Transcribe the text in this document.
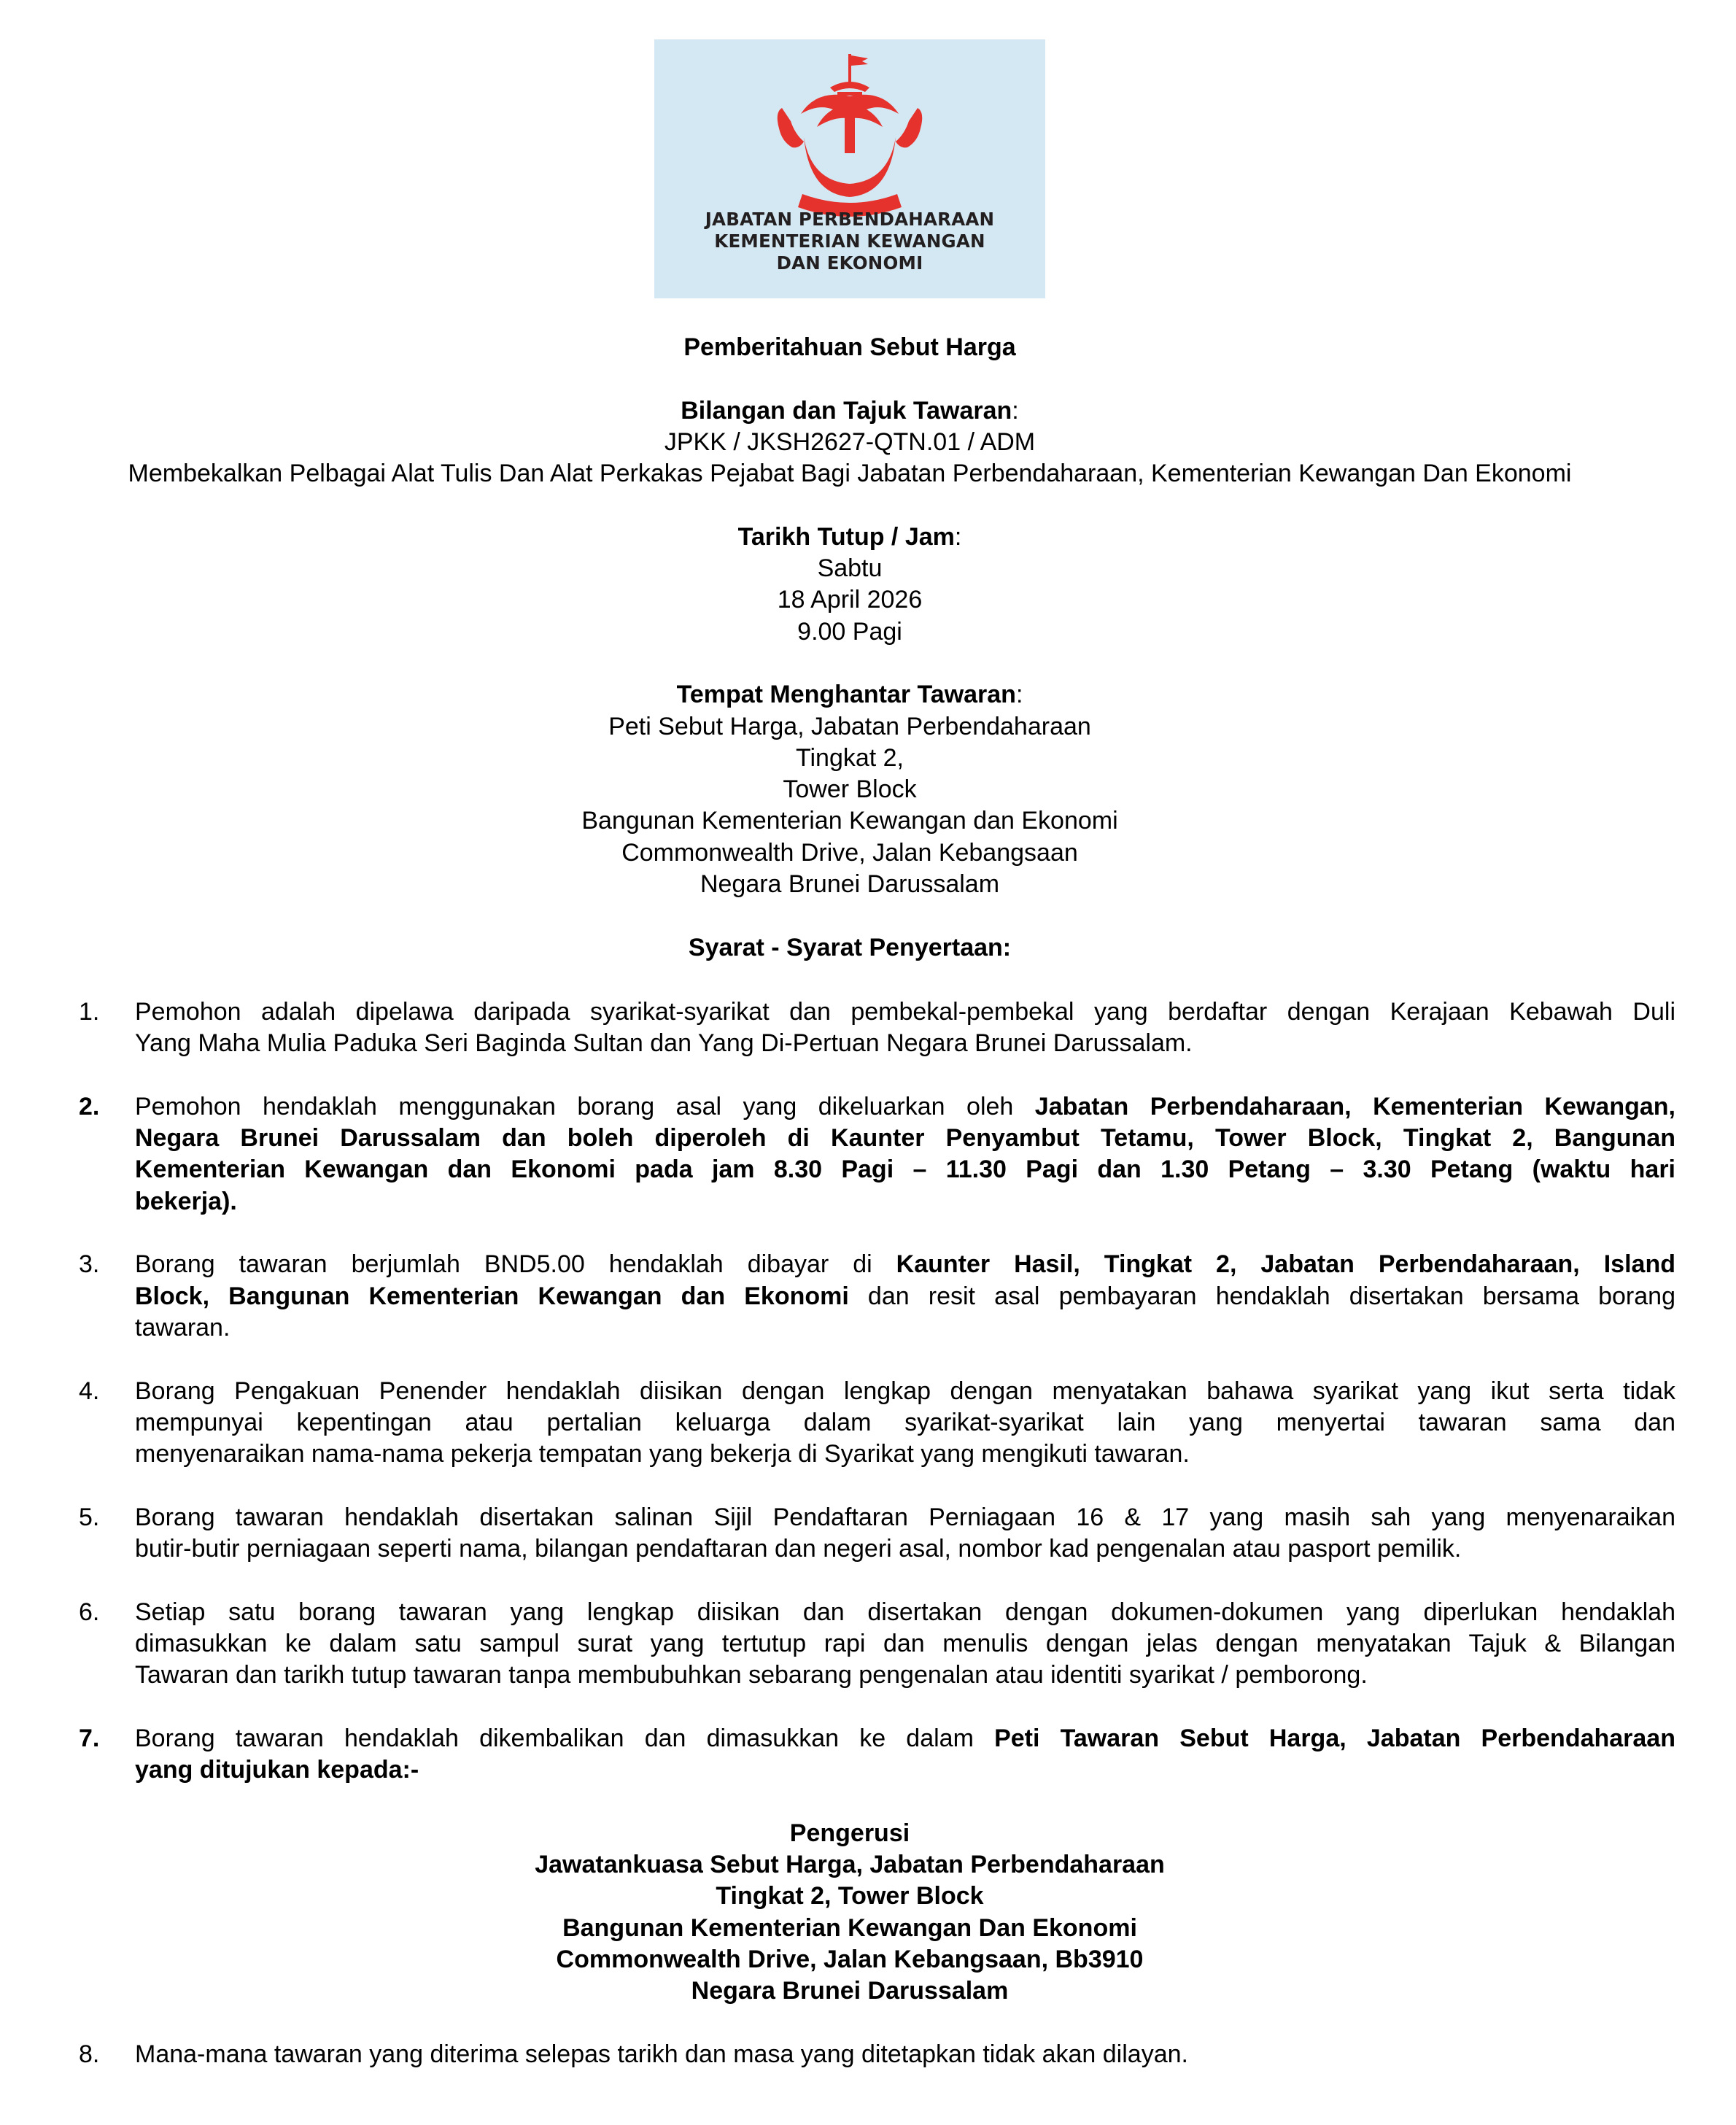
JABATAN PERBENDAHARAAN
KEMENTERIAN KEWANGAN
DAN EKONOMI

Pemberitahuan Sebut Harga

Bilangan dan Tajuk Tawaran:

JPKK / JKSH2627-QTN.01 / ADM

Membekalkan Pelbagai Alat Tulis Dan Alat Perkakas Pejabat Bagi Jabatan Perbendaharaan, Kementerian Kewangan Dan Ekonomi

Tarikh Tutup / Jam:

Sabtu

18 April 2026

9.00 Pagi

Tempat Menghantar Tawaran:

Peti Sebut Harga, Jabatan Perbendaharaan

Tingkat 2,

Tower Block

Bangunan Kementerian Kewangan dan Ekonomi

Commonwealth Drive, Jalan Kebangsaan

Negara Brunei Darussalam

Syarat - Syarat Penyertaan:

1. Pemohon adalah dipelawa daripada syarikat-syarikat dan pembekal-pembekal yang berdaftar dengan Kerajaan Kebawah Duli
Yang Maha Mulia Paduka Seri Baginda Sultan dan Yang Di-Pertuan Negara Brunei Darussalam.
2. Pemohon hendaklah menggunakan borang asal yang dikeluarkan oleh Jabatan Perbendaharaan, Kementerian Kewangan,
Negara Brunei Darussalam dan boleh diperoleh di Kaunter Penyambut Tetamu, Tower Block, Tingkat 2, Bangunan
Kementerian Kewangan dan Ekonomi pada jam 8.30 Pagi – 11.30 Pagi dan 1.30 Petang – 3.30 Petang (waktu hari
bekerja).
3. Borang tawaran berjumlah BND5.00 hendaklah dibayar di Kaunter Hasil, Tingkat 2, Jabatan Perbendaharaan, Island
Block, Bangunan Kementerian Kewangan dan Ekonomi dan resit asal pembayaran hendaklah disertakan bersama borang
tawaran.
4. Borang Pengakuan Penender hendaklah diisikan dengan lengkap dengan menyatakan bahawa syarikat yang ikut serta tidak
mempunyai kepentingan atau pertalian keluarga dalam syarikat-syarikat lain yang menyertai tawaran sama dan
menyenaraikan nama-nama pekerja tempatan yang bekerja di Syarikat yang mengikuti tawaran.
5. Borang tawaran hendaklah disertakan salinan Sijil Pendaftaran Perniagaan 16 & 17 yang masih sah yang menyenaraikan
butir-butir perniagaan seperti nama, bilangan pendaftaran dan negeri asal, nombor kad pengenalan atau pasport pemilik.
6. Setiap satu borang tawaran yang lengkap diisikan dan disertakan dengan dokumen-dokumen yang diperlukan hendaklah
dimasukkan ke dalam satu sampul surat yang tertutup rapi dan menulis dengan jelas dengan menyatakan Tajuk & Bilangan
Tawaran dan tarikh tutup tawaran tanpa membubuhkan sebarang pengenalan atau identiti syarikat / pemborong.
7. Borang tawaran hendaklah dikembalikan dan dimasukkan ke dalam Peti Tawaran Sebut Harga, Jabatan Perbendaharaan
yang ditujukan kepada:-

Pengerusi

Jawatankuasa Sebut Harga, Jabatan Perbendaharaan

Tingkat 2, Tower Block

Bangunan Kementerian Kewangan Dan Ekonomi

Commonwealth Drive, Jalan Kebangsaan, Bb3910

Negara Brunei Darussalam

8. Mana-mana tawaran yang diterima selepas tarikh dan masa yang ditetapkan tidak akan dilayan.
